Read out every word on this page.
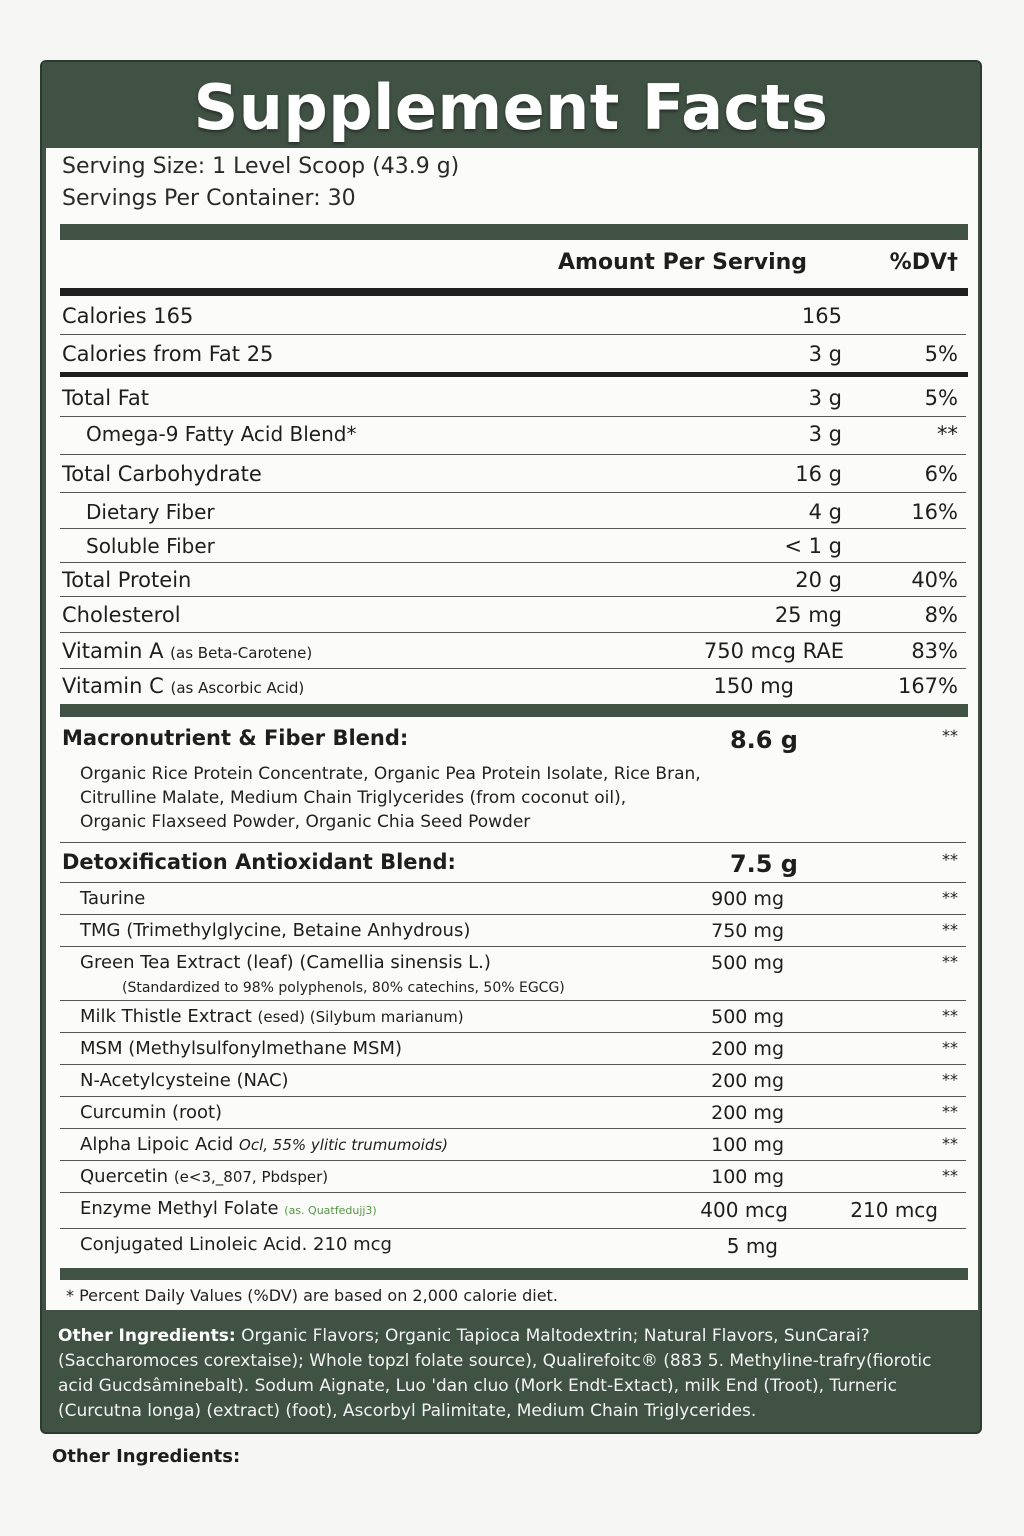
Supplement Facts
Serving Size: 1 Level Scoop (43.9 g)
Servings Per Container: 30
Amount Per Serving	%DV†
Calories 165	165
Calories from Fat 25	3 g	5%
Total Fat	3 g	5%
Omega-9 Fatty Acid Blend*	3 g	**
Total Carbohydrate	16 g	6%
Dietary Fiber	4 g	16%
Soluble Fiber	< 1 g
Total Protein	20 g	40%
Cholesterol	25 mg	8%
Vitamin A (as Beta-Carotene)	750 mcg RAE	83%
Vitamin C (as Ascorbic Acid)	150 mg	167%
Macronutrient & Fiber Blend:	8.6 g	**
Organic Rice Protein Concentrate, Organic Pea Protein Isolate, Rice Bran,
Citrulline Malate, Medium Chain Triglycerides (from coconut oil),
Organic Flaxseed Powder, Organic Chia Seed Powder
Detoxification Antioxidant Blend:	7.5 g	**
Taurine	900 mg	**
TMG (Trimethylglycine, Betaine Anhydrous)	750 mg	**
Green Tea Extract (leaf) (Camellia sinensis L.)	500 mg	**
(Standardized to 98% polyphenols, 80% catechins, 50% EGCG)
Milk Thistle Extract (esed) (Silybum marianum)	500 mg	**
MSM (Methylsulfonylmethane MSM)	200 mg	**
N-Acetylcysteine (NAC)	200 mg	**
Curcumin (root)	200 mg	**
Alpha Lipoic Acid Ocl, 55% ylitic trumumoids)	100 mg	**
Quercetin (e<3,_807, Pbdsper)	100 mg	**
Enzyme Methyl Folate (as. Quatfedujj3)	400 mcg	210 mcg
Conjugated Linoleic Acid. 210 mcg	5 mg
* Percent Daily Values (%DV) are based on 2,000 calorie diet.
Other Ingredients: Organic Flavors; Organic Tapioca Maltodextrin; Natural Flavors, SunCarai? (Saccharomoces corextaise); Whole topzl folate source), Qualirefoitc® (883 5. Methyline-trafry(fiorotic acid Gucdsâminebalt). Sodum Aignate, Luo 'dan cluo (Mork Endt-Extact), milk End (Troot), Turneric (Curcutna longa) (extract) (foot), Ascorbyl Palimitate, Medium Chain Triglycerides.
Other Ingredients:
